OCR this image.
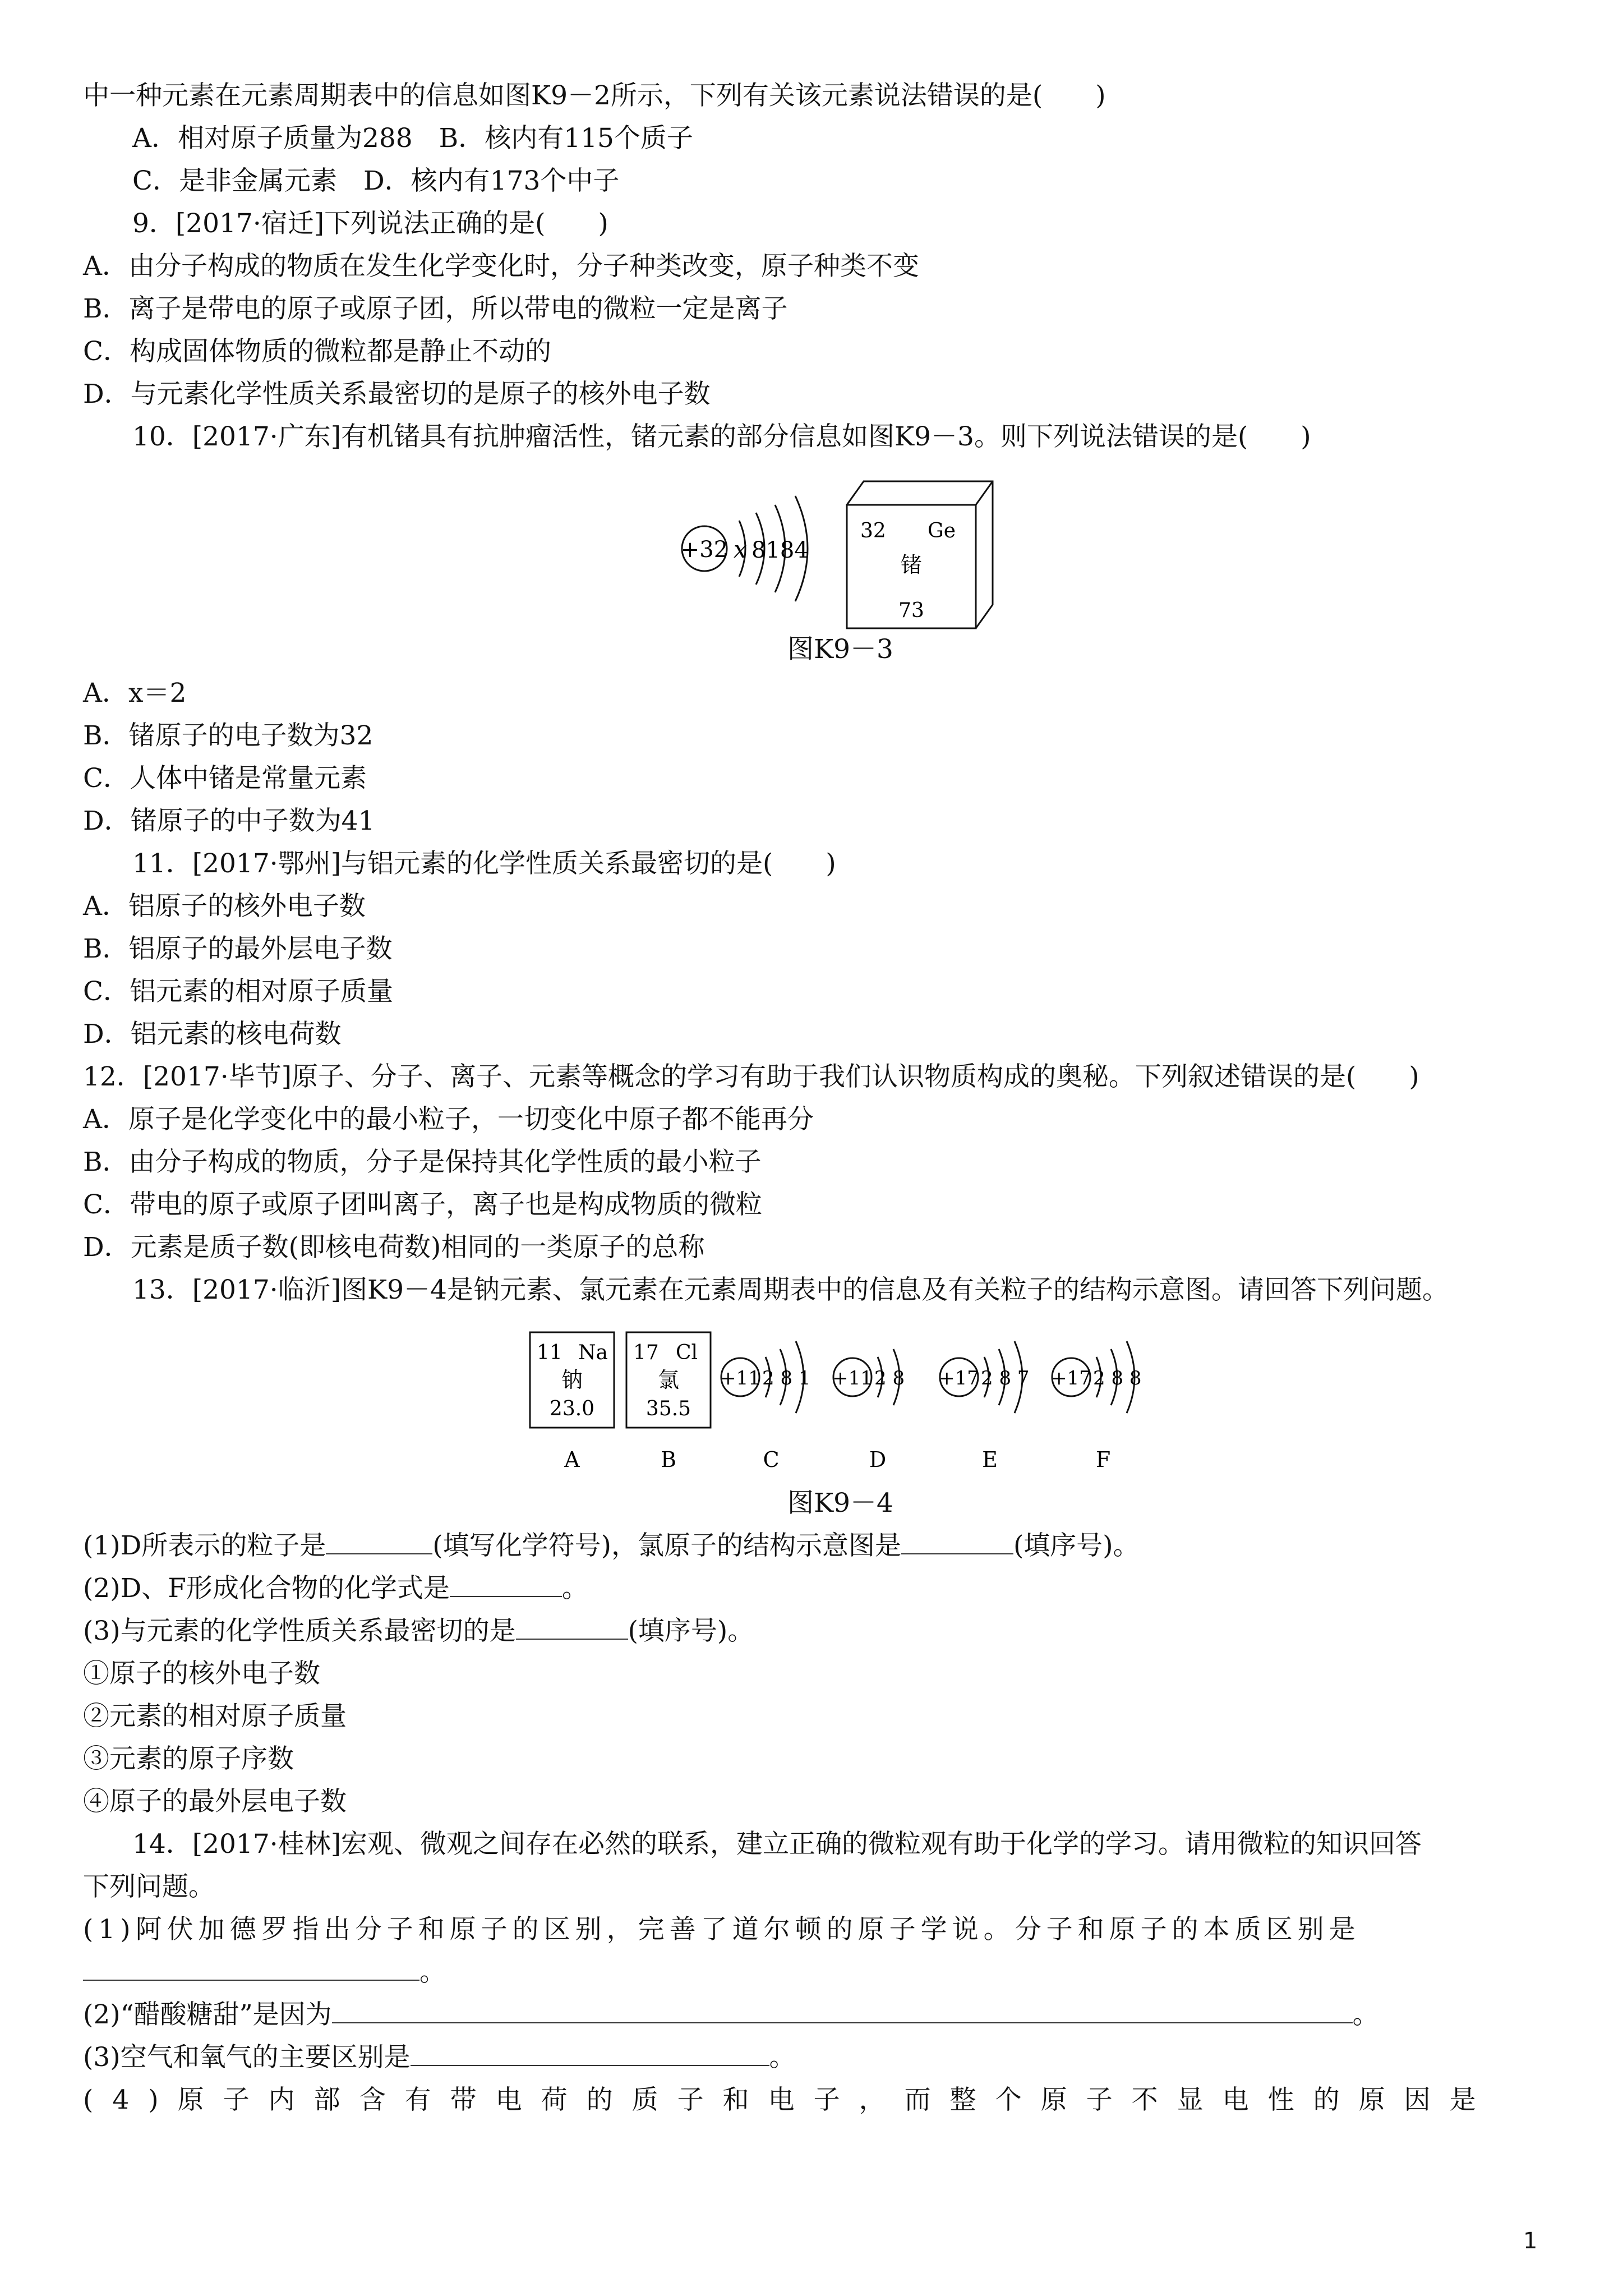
中一种元素在元素周期表中的信息如图K9－2所示，下列有关该元素说法错误的是(　　)
A．相对原子质量为288　B．核内有115个质子
C．是非金属元素　D．核内有173个中子
9．[2017·宿迁]下列说法正确的是(　　)
A．由分子构成的物质在发生化学变化时，分子种类改变，原子种类不变
B．离子是带电的原子或原子团，所以带电的微粒一定是离子
C．构成固体物质的微粒都是静止不动的
D．与元素化学性质关系最密切的是原子的核外电子数
10．[2017·广东]有机锗具有抗肿瘤活性，锗元素的部分信息如图K9－3。则下列说法错误的是(　　)
+32 x 8184
32 Ge
锗
73
图K9－3
A．x＝2
B．锗原子的电子数为32
C．人体中锗是常量元素
D．锗原子的中子数为41
11．[2017·鄂州]与铝元素的化学性质关系最密切的是(　　)
A．铝原子的核外电子数
B．铝原子的最外层电子数
C．铝元素的相对原子质量
D．铝元素的核电荷数
12．[2017·毕节]原子、分子、离子、元素等概念的学习有助于我们认识物质构成的奥秘。下列叙述错误的是(　　)
A．原子是化学变化中的最小粒子，一切变化中原子都不能再分
B．由分子构成的物质，分子是保持其化学性质的最小粒子
C．带电的原子或原子团叫离子，离子也是构成物质的微粒
D．元素是质子数(即核电荷数)相同的一类原子的总称
13．[2017·临沂]图K9－4是钠元素、氯元素在元素周期表中的信息及有关粒子的结构示意图。请回答下列问题。
11 Na
钠
23.0
A
17 Cl
氯
35.5
B
+11 2 8 1
C
+11 2 8
D
+17 2 8 7
E
+17 2 8 8
F
图K9－4
(1)D所表示的粒子是	(填写化学符号)，氯原子的结构示意图是	(填序号)。
(2)D、F形成化合物的化学式是	。
(3)与元素的化学性质关系最密切的是	(填序号)。
①原子的核外电子数
②元素的相对原子质量
③元素的原子序数
④原子的最外层电子数
14．[2017·桂林]宏观、微观之间存在必然的联系，建立正确的微粒观有助于化学的学习。请用微粒的知识回答
下列问题。
(1)阿伏加德罗指出分子和原子的区别，完善了道尔顿的原子学说。分子和原子的本质区别是
。
(2)“醋酸糖甜”是因为	。
(3)空气和氧气的主要区别是	。
(4)原子内部含有带电荷的质子和电子，而整个原子不显电性的原因是
1
